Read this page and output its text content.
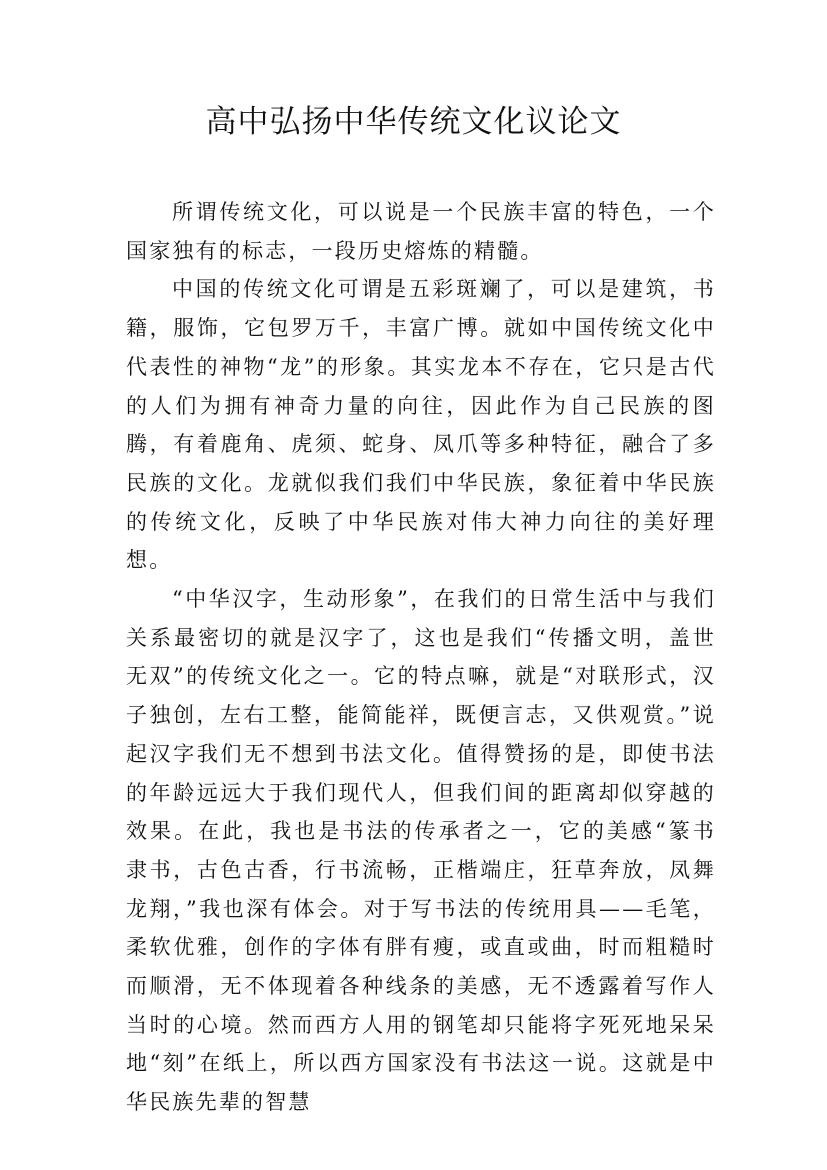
高中弘扬中华传统文化议论文

所谓传统文化，可以说是一个民族丰富的特色，一个国家独有的标志，一段历史熔炼的精髓。

中国的传统文化可谓是五彩斑斓了，可以是建筑，书籍，服饰，它包罗万千，丰富广博。就如中国传统文化中代表性的神物“龙”的形象。其实龙本不存在，它只是古代的人们为拥有神奇力量的向往，因此作为自己民族的图腾，有着鹿角、虎须、蛇身、凤爪等多种特征，融合了多民族的文化。龙就似我们我们中华民族，象征着中华民族的传统文化，反映了中华民族对伟大神力向往的美好理想。

“中华汉字，生动形象”，在我们的日常生活中与我们关系最密切的就是汉字了，这也是我们“传播文明，盖世无双”的传统文化之一。它的特点嘛，就是“对联形式，汉子独创，左右工整，能简能祥，既便言志，又供观赏。”说起汉字我们无不想到书法文化。值得赞扬的是，即使书法的年龄远远大于我们现代人，但我们间的距离却似穿越的效果。在此，我也是书法的传承者之一，它的美感“篆书隶书，古色古香，行书流畅，正楷端庄，狂草奔放，凤舞龙翔，”我也深有体会。对于写书法的传统用具——毛笔，柔软优雅，创作的字体有胖有瘦，或直或曲，时而粗糙时而顺滑，无不体现着各种线条的美感，无不透露着写作人当时的心境。然而西方人用的钢笔却只能将字死死地呆呆地“刻”在纸上，所以西方国家没有书法这一说。这就是中华民族先辈的智慧
